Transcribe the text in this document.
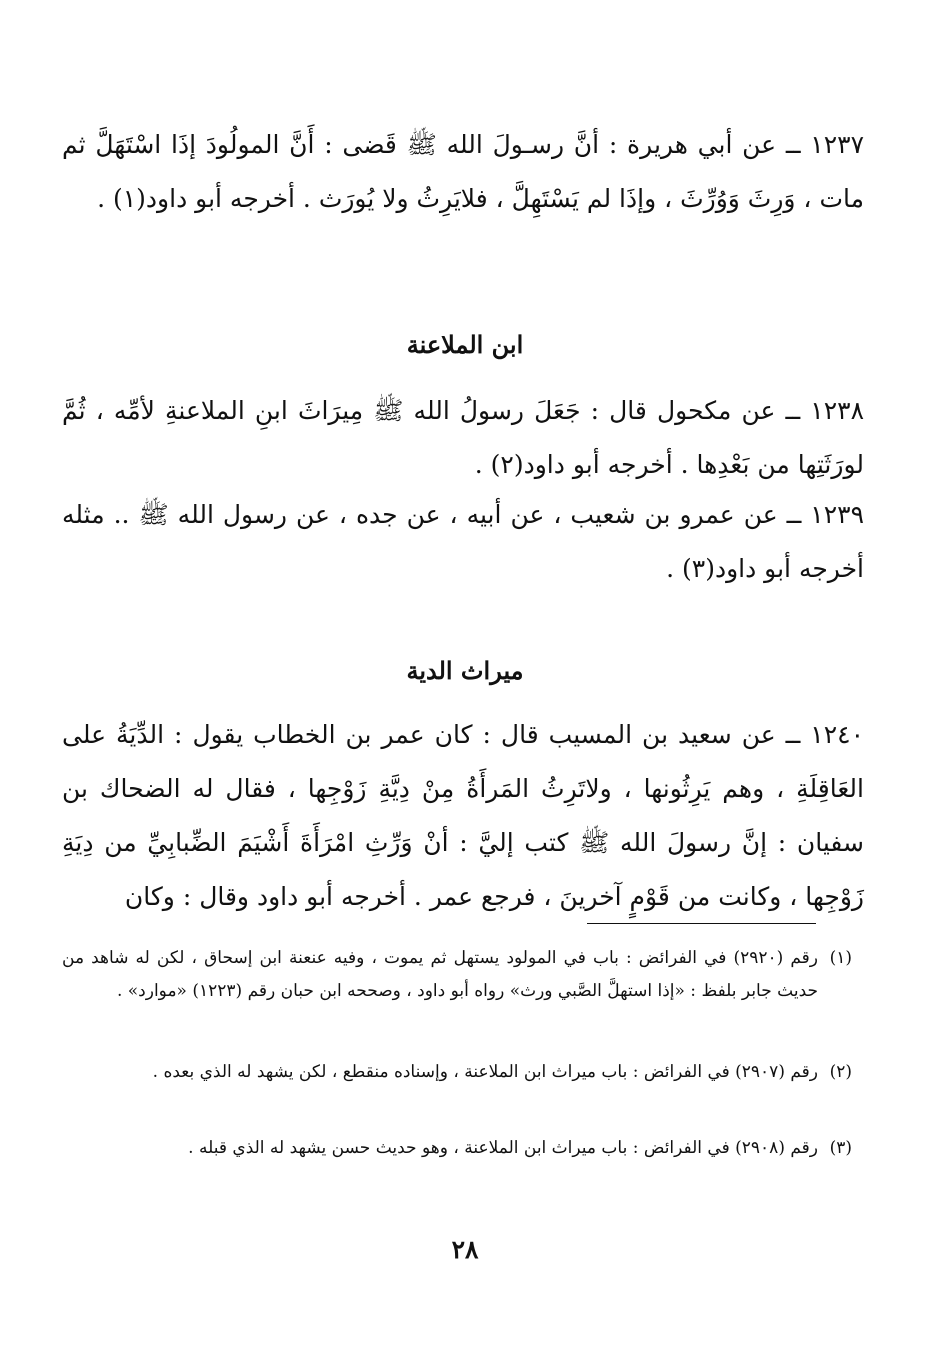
١٢٣٧ ــ عن أبي هريرة : أنَّ رسـولَ الله ﷺ قَضى : أَنَّ المولُودَ إذَا اسْتَهَلَّ ثم مات ، وَرِثَ وَوُرِّثَ ، وإذَا لم يَسْتَهِلَّ ، فلايَرِثُ ولا يُورَث . أخرجه أبو داود(١) .

ابن الملاعنة

١٢٣٨ ــ عن مكحول قال : جَعَلَ رسولُ الله ﷺ مِيرَاثَ ابنِ الملاعنةِ لأمِّه ، ثُمَّ لورَثَتِها من بَعْدِها . أخرجه أبو داود(٢) .

١٢٣٩ ــ عن عمرو بن شعيب ، عن أبيه ، عن جده ، عن رسول الله ﷺ .. مثله أخرجه أبو داود(٣) .

ميراث الدية

١٢٤٠ ــ عن سعيد بن المسيب قال : كان عمر بن الخطاب يقول : الدِّيَةُ على العَاقِلَةِ ، وهم يَرِثُونها ، ولاتَرِثُ المَرأَةُ مِنْ دِيَّةِ زَوْجِها ، فقال له الضحاك بن سفيان : إنَّ رسولَ الله ﷺ كتب إليَّ : أنْ وَرِّثِ امْرَأَةَ أَشْيَمَ الضِّبابِيِّ من دِيَةِ زَوْجِها ، وكانت من قَوْمٍ آخرينَ ، فرجع عمر . أخرجه أبو داود وقال : وكان

(١)
رقم (٢٩٢٠) في الفرائض : باب في المولود يستهل ثم يموت ، وفيه عنعنة ابن إسحاق ، لكن له شاهد من حديث جابر بلفظ : «إذا استهلَّ الصَّبي ورث» رواه أبو داود ، وصححه ابن حبان رقم (١٢٢٣) «موارد» .
(٢)
رقم (٢٩٠٧) في الفرائض : باب ميراث ابن الملاعنة ، وإسناده منقطع ، لكن يشهد له الذي بعده .
(٣)
رقم (٢٩٠٨) في الفرائض : باب ميراث ابن الملاعنة ، وهو حديث حسن يشهد له الذي قبله .
٢٨
